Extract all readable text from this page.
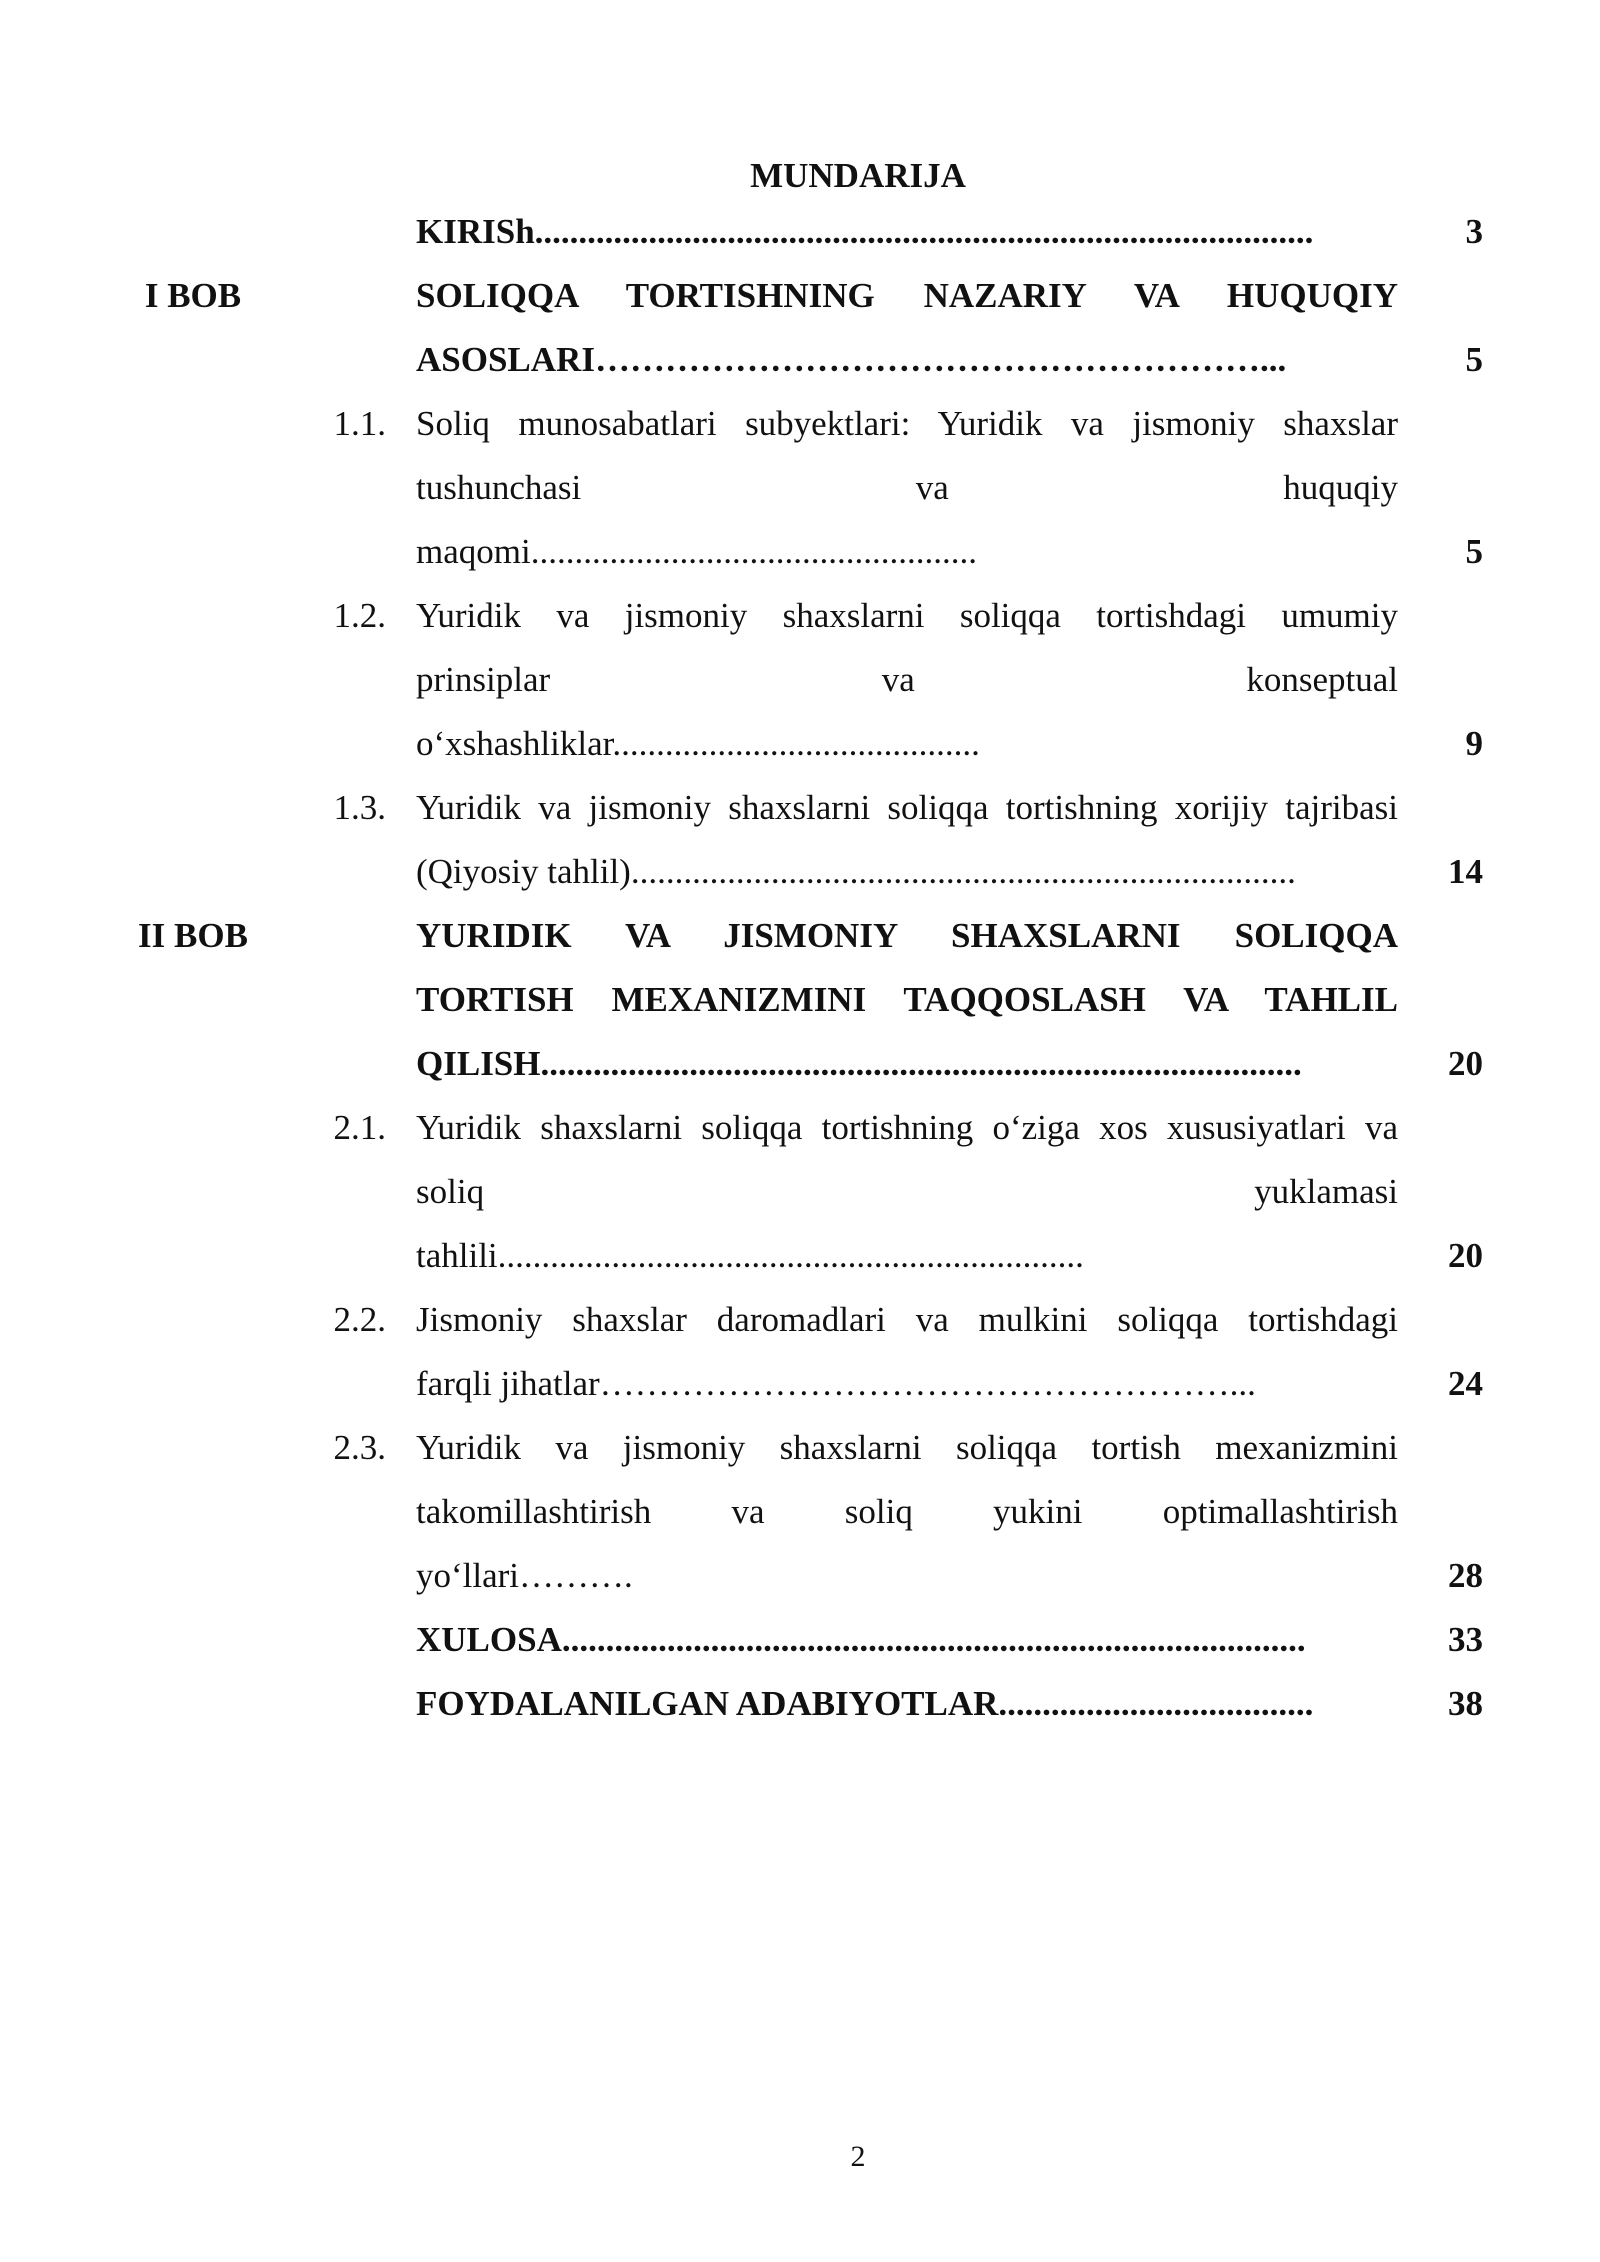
MUNDARIJA
KIRISh.........................................................................................	3
I BOB	SOLIQQA TORTISHNING NAZARIY VA HUQUQIY
ASOSLARI…………………………………………………...	5
1.1. Soliq munosabatlari subyektlari: Yuridik va jismoniy shaxslar
tushunchasi va huquqiy
maqomi...................................................	5
1.2. Yuridik va jismoniy shaxslarni soliqqa tortishdagi umumiy
prinsiplar va konseptual
o‘xshashliklar..........................................	9
1.3. Yuridik va jismoniy shaxslarni soliqqa tortishning xorijiy tajribasi
(Qiyosiy tahlil)............................................................................	14
II BOB	YURIDIK VA JISMONIY SHAXSLARNI SOLIQQA
TORTISH MEXANIZMINI TAQQOSLASH VA TAHLIL
QILISH.......................................................................................	20
2.1. Yuridik shaxslarni soliqqa tortishning o‘ziga xos xususiyatlari va
soliq yuklamasi
tahlili...................................................................	20
2.2. Jismoniy shaxslar daromadlari va mulkini soliqqa tortishdagi
farqli jihatlar………………………………………………...	24
2.3. Yuridik va jismoniy shaxslarni soliqqa tortish mexanizmini
takomillashtirish va soliq yukini optimallashtirish
yo‘llari……….	28
XULOSA.....................................................................................	33
FOYDALANILGAN ADABIYOTLAR....................................	38
2
